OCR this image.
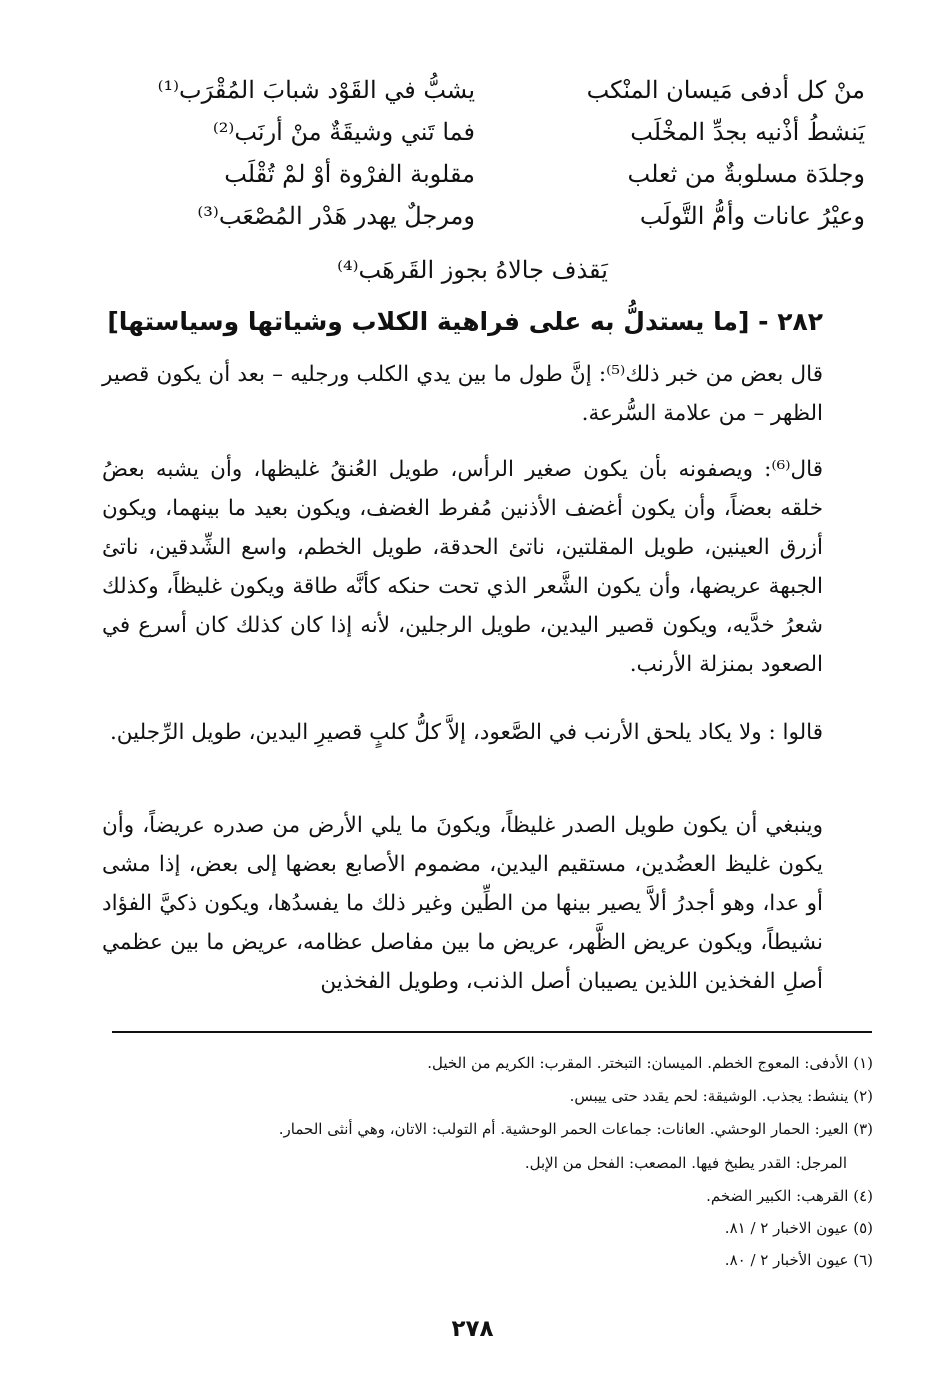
منْ كل أدفى مَيسان المنْكب
يشبُّ في القَوْد شبابَ المُقْرَب⁽¹⁾
يَنشطُ أذْنيه بجدِّ المخْلَب
فما تَني وشيقَةٌ منْ أرنَب⁽²⁾
وجلدَة مسلوبةٌ من ثعلب
مقلوبة الفرْوة أوْ لمْ تُقْلَب
وعيْرُ عانات وأمُّ التَّولَب
ومرجلٌ يهدر هَدْر المُصْعَب⁽³⁾
يَقذف جالاهُ بجوز القَرهَب⁽⁴⁾
٢٨٢ - [ما يستدلُّ به على فراهية الكلاب وشياتها وسياستها]

قال بعض من خبر ذلك⁽⁵⁾: إنَّ طول ما بين يدي الكلب ورجليه – بعد أن يكون قصير الظهر – من علامة السُّرعة.

قال⁽⁶⁾: ويصفونه بأن يكون صغير الرأس، طويل العُنقُ غليظها، وأن يشبه بعضُ خلقه بعضاً، وأن يكون أغضف الأذنين مُفرط الغضف، ويكون بعيد ما بينهما، ويكون أزرق العينين، طويل المقلتين، ناتئ الحدقة، طويل الخطم، واسع الشِّدقين، ناتئ الجبهة عريضها، وأن يكون الشَّعر الذي تحت حنكه كأنَّه طاقة ويكون غليظاً، وكذلك شعرُ خدَّيه، ويكون قصير اليدين، طويل الرجلين، لأنه إذا كان كذلك كان أسرع في الصعود بمنزلة الأرنب.

قالوا : ولا يكاد يلحق الأرنب في الصَّعود، إلاَّ كلُّ كلبٍ قصيرِ اليدين، طويل الرِّجلين.

وينبغي أن يكون طويل الصدر غليظاً، ويكونَ ما يلي الأرض من صدره عريضاً، وأن يكون غليظ العضُدين، مستقيم اليدين، مضموم الأصابع بعضها إلى بعض، إذا مشى أو عدا، وهو أجدرُ ألاَّ يصير بينها من الطِّين وغير ذلك ما يفسدُها، ويكون ذكيَّ الفؤاد نشيطاً، ويكون عريض الظَّهر، عريض ما بين مفاصل عظامه، عريض ما بين عظمي أصلِ الفخذين اللذين يصيبان أصل الذنب، وطويل الفخذين

(١) الأدفى: المعوج الخطم. الميسان: التبختر. المقرب: الكريم من الخيل.
(٢) ينشط: يجذب. الوشيقة: لحم يقدد حتى ييبس.
(٣) العير: الحمار الوحشي. العانات: جماعات الحمر الوحشية. أم التولب: الاتان، وهي أنثى الحمار.
المرجل: القدر يطبخ فيها. المصعب: الفحل من الإبل.
(٤) القرهب: الكبير الضخم.
(٥) عيون الاخبار ٢ / ٨١.
(٦) عيون الأخبار ٢ / ٨٠.
٢٧٨
